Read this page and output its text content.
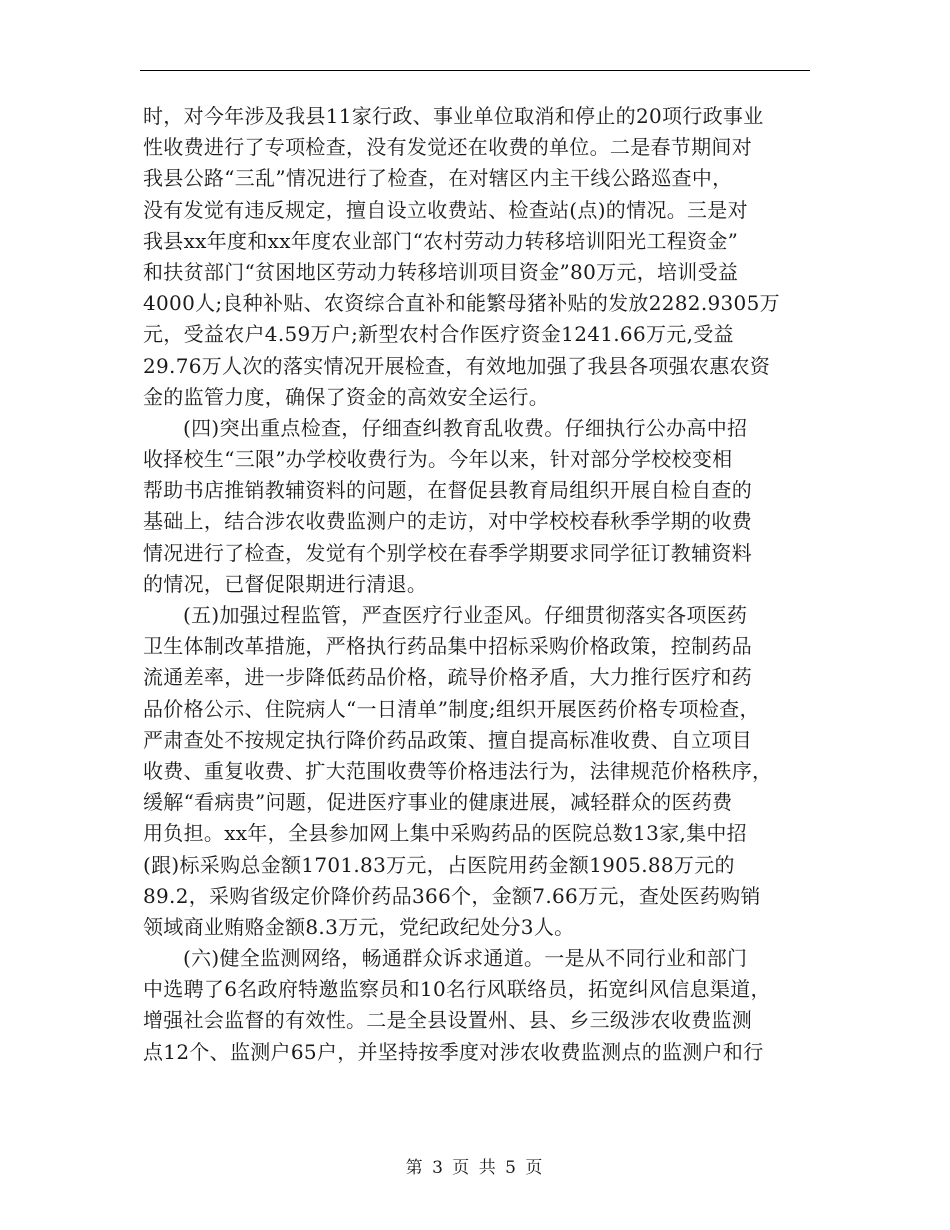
时，对今年涉及我县11家行政、事业单位取消和停止的20项行政事业
性收费进行了专项检查，没有发觉还在收费的单位。二是春节期间对
我县公路“三乱”情况进行了检查，在对辖区内主干线公路巡查中，
没有发觉有违反规定，擅自设立收费站、检查站(点)的情况。三是对
我县xx年度和xx年度农业部门“农村劳动力转移培训阳光工程资金”
和扶贫部门“贫困地区劳动力转移培训项目资金”80万元，培训受益
4000人;良种补贴、农资综合直补和能繁母猪补贴的发放2282.9305万
元，受益农户4.59万户;新型农村合作医疗资金1241.66万元,受益
29.76万人次的落实情况开展检查，有效地加强了我县各项强农惠农资
金的监管力度，确保了资金的高效安全运行。
(四)突出重点检查，仔细查纠教育乱收费。仔细执行公办高中招
收择校生“三限”办学校收费行为。今年以来，针对部分学校校变相
帮助书店推销教辅资料的问题，在督促县教育局组织开展自检自查的
基础上，结合涉农收费监测户的走访，对中学校校春秋季学期的收费
情况进行了检查，发觉有个别学校在春季学期要求同学征订教辅资料
的情况，已督促限期进行清退。
(五)加强过程监管，严查医疗行业歪风。仔细贯彻落实各项医药
卫生体制改革措施，严格执行药品集中招标采购价格政策，控制药品
流通差率，进一步降低药品价格，疏导价格矛盾，大力推行医疗和药
品价格公示、住院病人“一日清单”制度;组织开展医药价格专项检查，
严肃查处不按规定执行降价药品政策、擅自提高标准收费、自立项目
收费、重复收费、扩大范围收费等价格违法行为，法律规范价格秩序，
缓解“看病贵”问题，促进医疗事业的健康进展，减轻群众的医药费
用负担。xx年，全县参加网上集中采购药品的医院总数13家,集中招
(跟)标采购总金额1701.83万元，占医院用药金额1905.88万元的
89.2，采购省级定价降价药品366个，金额7.66万元，查处医药购销
领域商业贿赂金额8.3万元，党纪政纪处分3人。
(六)健全监测网络，畅通群众诉求通道。一是从不同行业和部门
中选聘了6名政府特邀监察员和10名行风联络员，拓宽纠风信息渠道，
增强社会监督的有效性。二是全县设置州、县、乡三级涉农收费监测
点12个、监测户65户，并坚持按季度对涉农收费监测点的监测户和行
第 3 页 共 5 页
